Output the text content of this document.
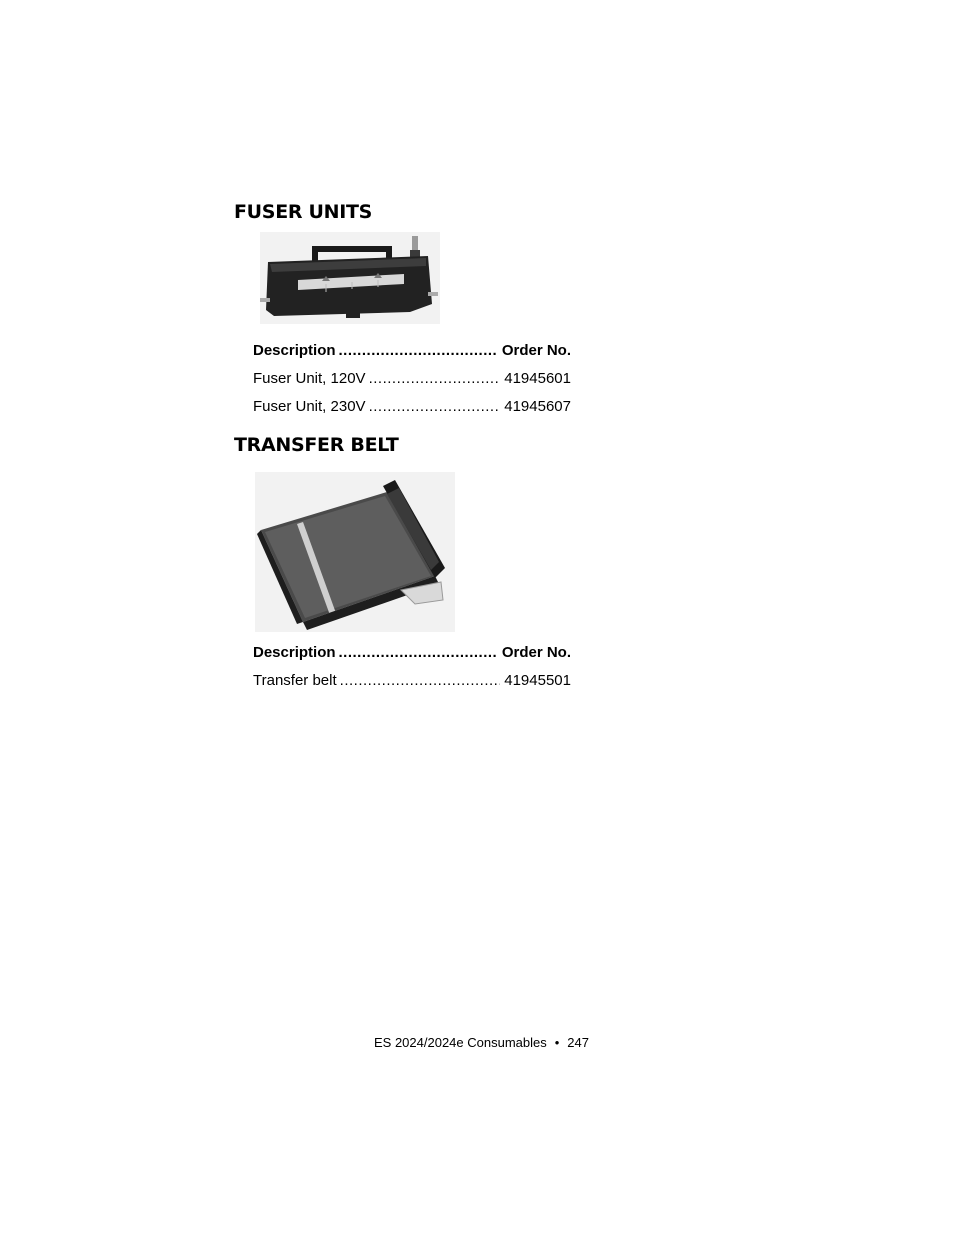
FUSER UNITS
Description .....	Order No.
Fuser Unit, 120V .....	41945601
Fuser Unit, 230V .....	41945607
TRANSFER BELT
Description .....	Order No.
Transfer belt .....	41945501
ES 2024/2024e Consumables • 247
